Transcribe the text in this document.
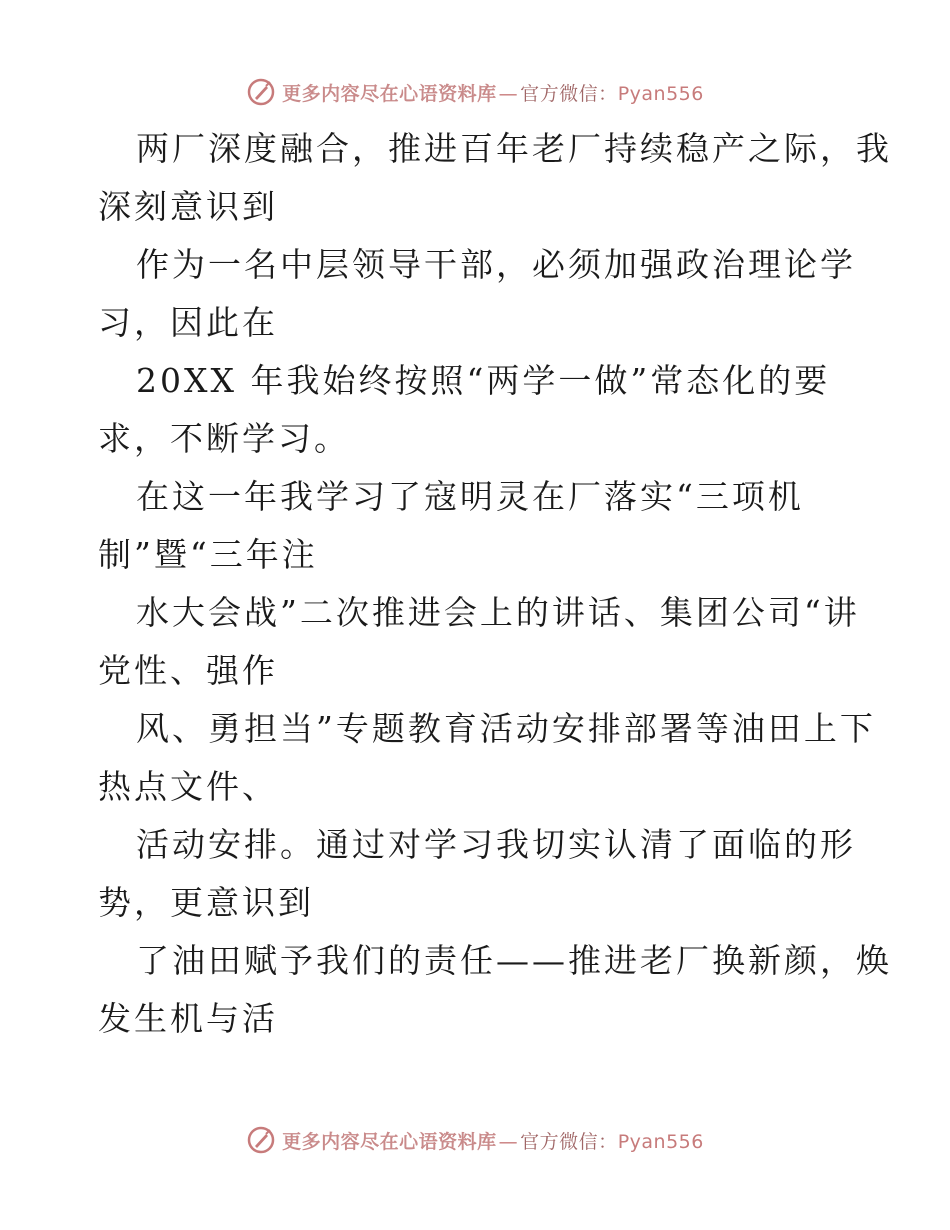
更多内容尽在心语资料库 — 官方微信：Pyan556
两厂深度融合，推进百年老厂持续稳产之际，我
深刻意识到
作为一名中层领导干部，必须加强政治理论学
习，因此在
20XX 年我始终按照“两学一做”常态化的要
求，不断学习。
在这一年我学习了寇明灵在厂落实“三项机
制”暨“三年注
水大会战”二次推进会上的讲话、集团公司“讲
党性、强作
风、勇担当”专题教育活动安排部署等油田上下
热点文件、
活动安排。通过对学习我切实认清了面临的形
势，更意识到
了油田赋予我们的责任——推进老厂换新颜，焕
发生机与活
更多内容尽在心语资料库 — 官方微信：Pyan556
